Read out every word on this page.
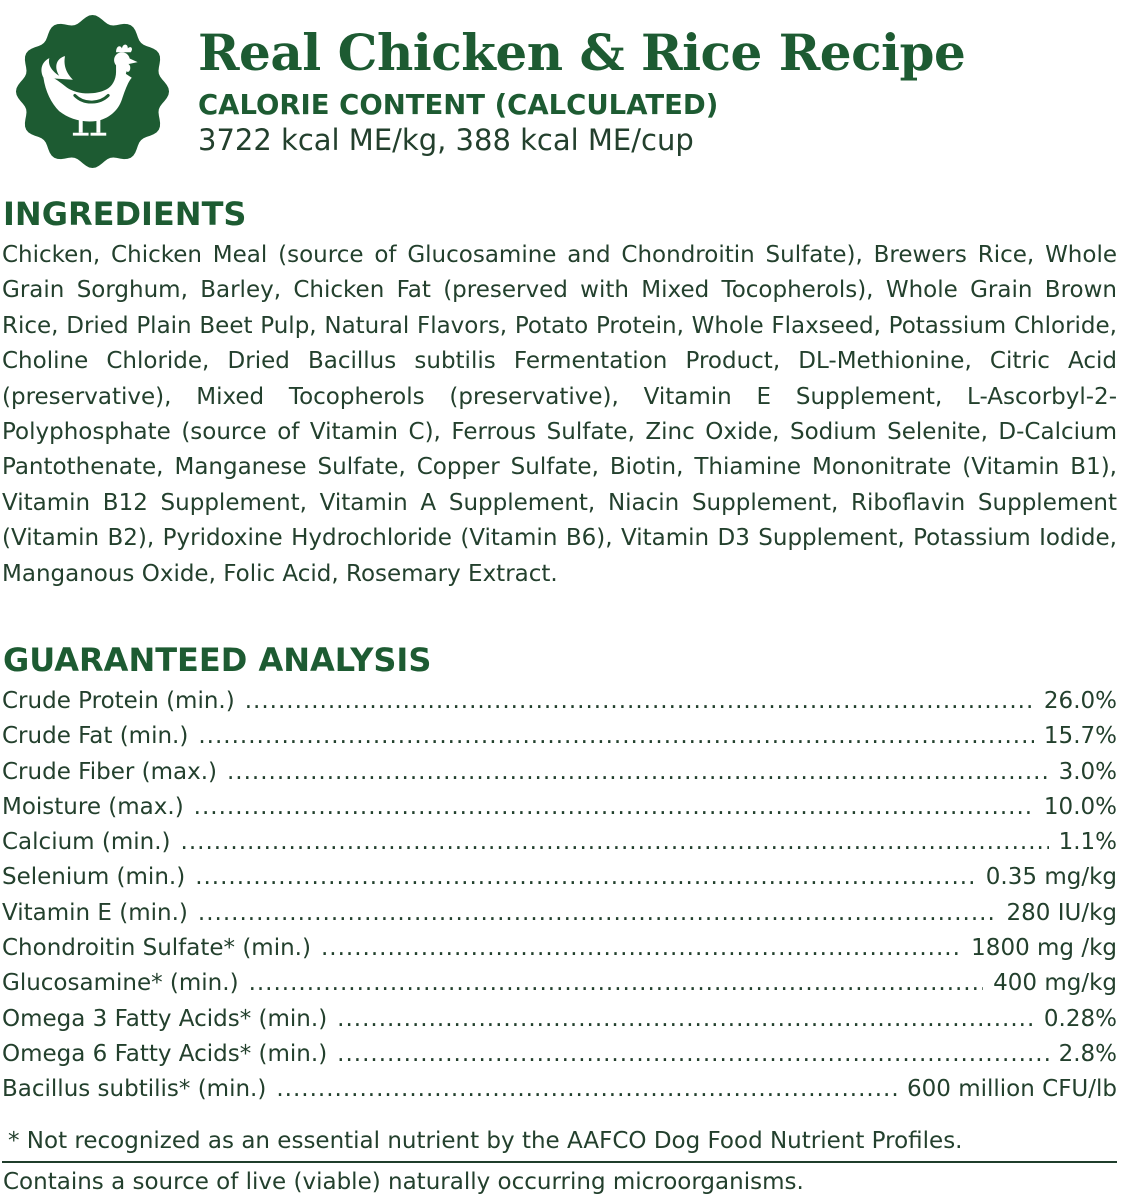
Real Chicken & Rice Recipe
CALORIE CONTENT (CALCULATED)
3722 kcal ME/kg, 388 kcal ME/cup
INGREDIENTS
Chicken, Chicken Meal (source of Glucosamine and Chondroitin Sulfate), Brewers Rice, Whole Grain Sorghum, Barley, Chicken Fat (preserved with Mixed Tocopherols), Whole Grain Brown Rice, Dried Plain Beet Pulp, Natural Flavors, Potato Protein, Whole Flaxseed, Potassium Chloride, Choline Chloride, Dried Bacillus subtilis Fermentation Product, DL-Methionine, Citric Acid (preservative), Mixed Tocopherols (preservative), Vitamin E Supplement, L-Ascorbyl-2-Polyphosphate (source of Vitamin C), Ferrous Sulfate, Zinc Oxide, Sodium Selenite, D-Calcium Pantothenate, Manganese Sulfate, Copper Sulfate, Biotin, Thiamine Mononitrate (Vitamin B1), Vitamin B12 Supplement, Vitamin A Supplement, Niacin Supplement, Riboflavin Supplement (Vitamin B2), Pyridoxine Hydrochloride (Vitamin B6), Vitamin D3 Supplement, Potassium Iodide, Manganous Oxide, Folic Acid, Rosemary Extract.
GUARANTEED ANALYSIS
Crude Protein (min.) .....	26.0%
Crude Fat (min.) .....	15.7%
Crude Fiber (max.) .....	3.0%
Moisture (max.) .....	10.0%
Calcium (min.) .....	1.1%
Selenium (min.) .....	0.35 mg/kg
Vitamin E (min.) .....	280 IU/kg
Chondroitin Sulfate* (min.) .....	1800 mg /kg
Glucosamine* (min.) .....	400 mg/kg
Omega 3 Fatty Acids* (min.) .....	0.28%
Omega 6 Fatty Acids* (min.) .....	2.8%
Bacillus subtilis* (min.) .....	600 million CFU/lb
* Not recognized as an essential nutrient by the AAFCO Dog Food Nutrient Profiles.
Contains a source of live (viable) naturally occurring microorganisms.
